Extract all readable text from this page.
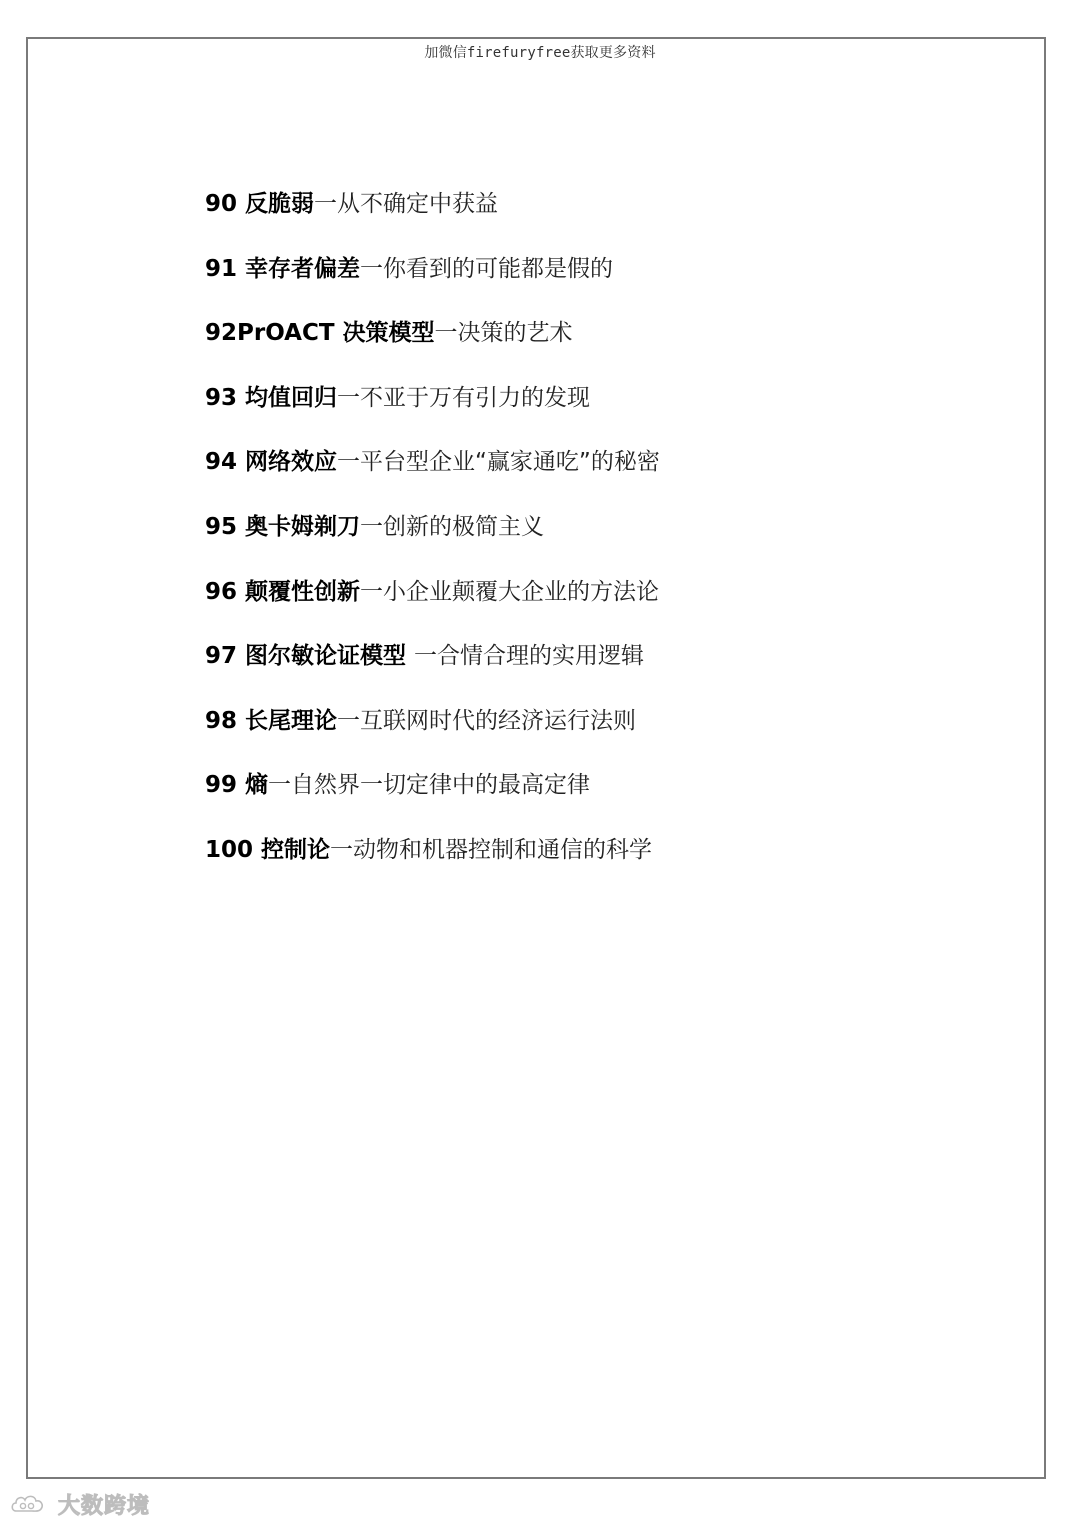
加微信firefuryfree获取更多资料
90 反脆弱一从不确定中获益
91 幸存者偏差一你看到的可能都是假的
92PrOACT 决策模型一决策的艺术
93 均值回归一不亚于万有引力的发现
94 网络效应一平台型企业“赢家通吃”的秘密
95 奥卡姆剃刀一创新的极简主义
96 颠覆性创新一小企业颠覆大企业的方法论
97 图尔敏论证模型 一合情合理的实用逻辑
98 长尾理论一互联网时代的经济运行法则
99 熵一自然界一切定律中的最高定律
100 控制论一动物和机器控制和通信的科学
大数跨境
